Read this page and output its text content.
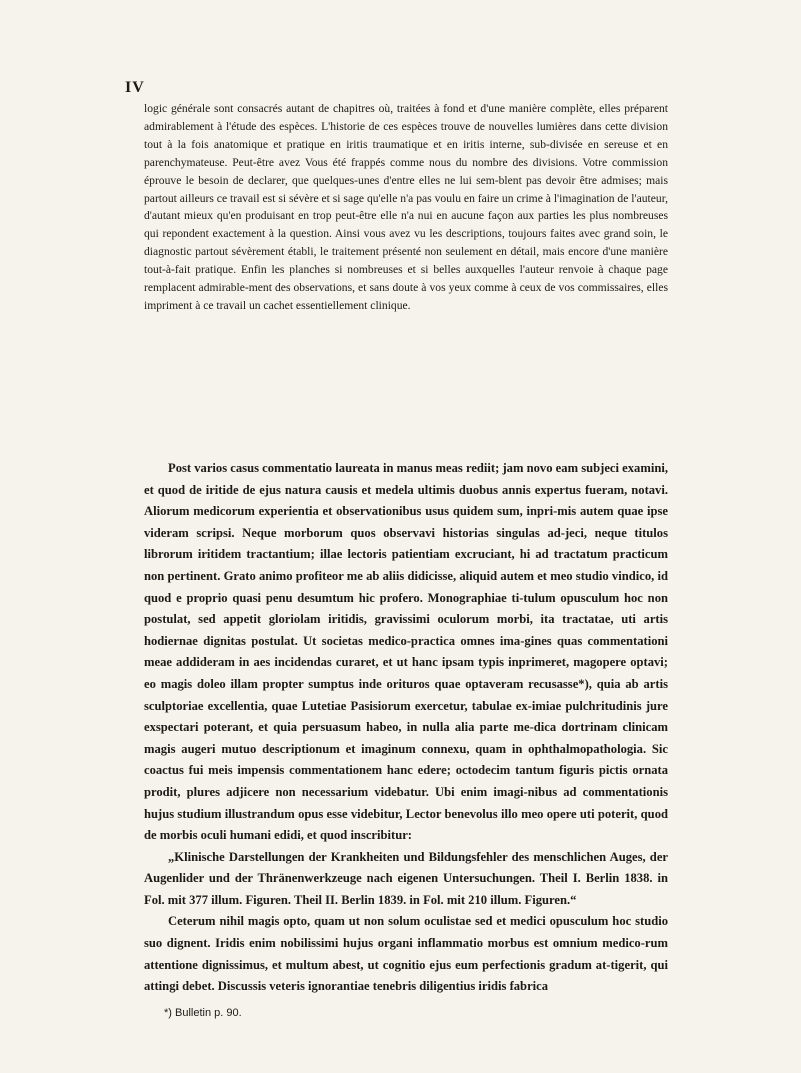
IV

logic générale sont consacrés autant de chapitres où, traitées à fond et d'une manière complète, elles préparent admirablement à l'étude des espèces. L'historie de ces espèces trouve de nouvelles lumières dans cette division tout à la fois anatomique et pratique en iritis traumatique et en iritis interne, sub-divisée en sereuse et en parenchymateuse. Peut-être avez Vous été frappés comme nous du nombre des divisions. Votre commission éprouve le besoin de declarer, que quelques-unes d'entre elles ne lui sem-blent pas devoir être admises; mais partout ailleurs ce travail est si sévère et si sage qu'elle n'a pas voulu en faire un crime à l'imagination de l'auteur, d'autant mieux qu'en produisant en trop peut-être elle n'a nui en aucune façon aux parties les plus nombreuses qui repondent exactement à la question. Ainsi vous avez vu les descriptions, toujours faites avec grand soin, le diagnostic partout sévèrement établi, le traitement présenté non seulement en détail, mais encore d'une manière tout-à-fait pratique. Enfin les planches si nombreuses et si belles auxquelles l'auteur renvoie à chaque page remplacent admirable-ment des observations, et sans doute à vos yeux comme à ceux de vos commissaires, elles impriment à ce travail un cachet essentiellement clinique.

Post varios casus commentatio laureata in manus meas rediit; jam novo eam subjeci examini, et quod de iritide de ejus natura causis et medela ultimis duobus annis expertus fueram, notavi. Aliorum medicorum experientia et observationibus usus quidem sum, inpri-mis autem quae ipse videram scripsi. Neque morborum quos observavi historias singulas ad-jeci, neque titulos librorum iritidem tractantium; illae lectoris patientiam excruciant, hi ad tractatum practicum non pertinent. Grato animo profiteor me ab aliis didicisse, aliquid autem et meo studio vindico, id quod e proprio quasi penu desumtum hic profero. Monographiae ti-tulum opusculum hoc non postulat, sed appetit gloriolam iritidis, gravissimi oculorum morbi, ita tractatae, uti artis hodiernae dignitas postulat. Ut societas medico-practica omnes ima-gines quas commentationi meae addideram in aes incidendas curaret, et ut hanc ipsam typis inprimeret, magopere optavi; eo magis doleo illam propter sumptus inde orituros quae optaveram recusasse*), quia ab artis sculptoriae excellentia, quae Lutetiae Pasisiorum exercetur, tabulae ex-imiae pulchritudinis jure exspectari poterant, et quia persuasum habeo, in nulla alia parte me-dica dortrinam clinicam magis augeri mutuo descriptionum et imaginum connexu, quam in ophthalmopathologia. Sic coactus fui meis impensis commentationem hanc edere; octodecim tantum figuris pictis ornata prodit, plures adjicere non necessarium videbatur. Ubi enim imagi-nibus ad commentationis hujus studium illustrandum opus esse videbitur, Lector benevolus illo meo opere uti poterit, quod de morbis oculi humani edidi, et quod inscribitur:

„Klinische Darstellungen der Krankheiten und Bildungsfehler des menschlichen Auges, der Augenlider und der Thränenwerkzeuge nach eigenen Untersuchungen. Theil I. Berlin 1838. in Fol. mit 377 illum. Figuren. Theil II. Berlin 1839. in Fol. mit 210 illum. Figuren.“

Ceterum nihil magis opto, quam ut non solum oculistae sed et medici opusculum hoc studio suo dignent. Iridis enim nobilissimi hujus organi inflammatio morbus est omnium medico-rum attentione dignissimus, et multum abest, ut cognitio ejus eum perfectionis gradum at-tigerit, qui attingi debet. Discussis veteris ignorantiae tenebris diligentius iridis fabrica

*) Bulletin p. 90.
